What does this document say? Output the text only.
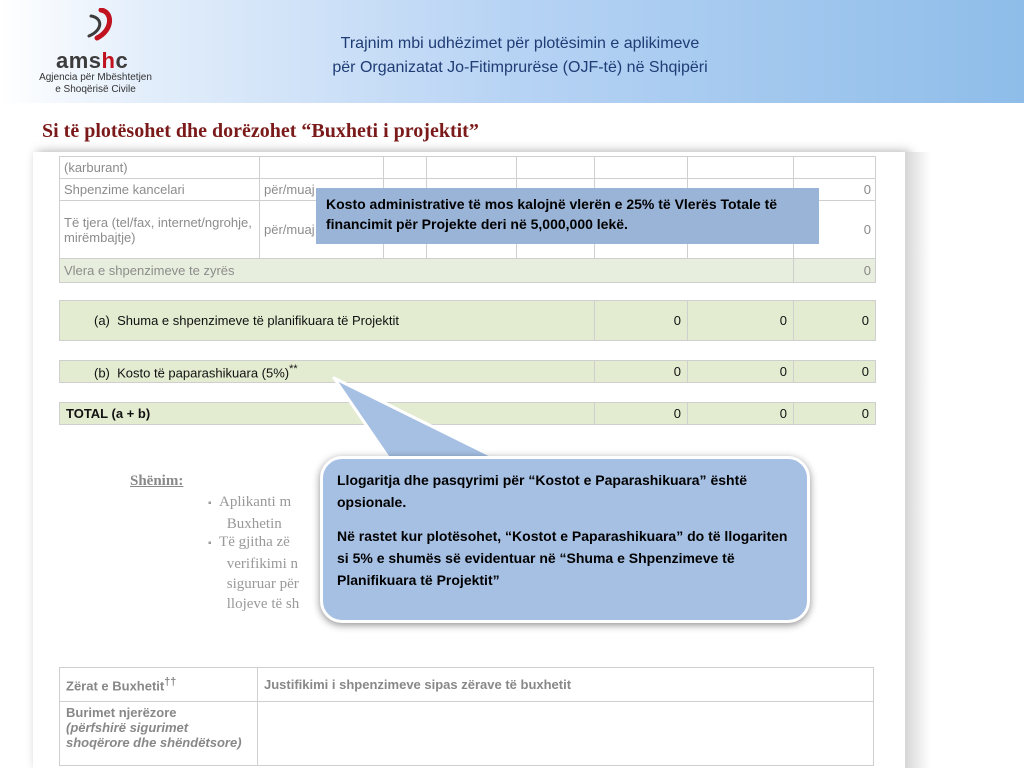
amshc
Agjencia për Mbështetjen
e Shoqërisë Civile
Trajnim mbi udhëzimet për plotësimin e aplikimeve
për Organizatat Jo-Fitimprurëse (OJF-të) në Shqipëri
Si të plotësohet dhe dorëzohet “Buxheti i projektit”
(karburant)							
Shpenzime kancelari	për/muaj						0
Të tjera (tel/fax, internet/ngrohje, mirëmbajtje)	për/muaj						0
Vlera e shpenzimeve te zyrës							0

(a) Shuma e shpenzimeve të planifikuara të Projektit					0	0	0

(b) Kosto të paparashikuara (5%)**					0	0	0

TOTAL (a + b)					0	0	0
Shënim:
▪ Aplikanti m
Buxhetin
▪ Të gjitha zë
verifikimi n
siguruar për
llojeve të sh
Zërat e Buxhetit††	Justifikimi i shpenzimeve sipas zërave të buxhetit

Burimet njerëzore
(përfshirë sigurimet
shoqërore dhe shëndëtsore)	

Kosto administrative të mos kalojnë vlerën e 25% të Vlerës Totale të financimit për Projekte deri në 5,000,000 lekë.

Llogaritja dhe pasqyrimi për “Kostot e Paparashikuara” është opsionale.

Në rastet kur plotësohet, “Kostot e Paparashikuara” do të llogariten si 5% e shumës së evidentuar në “Shuma e Shpenzimeve të Planifikuara të Projektit”
